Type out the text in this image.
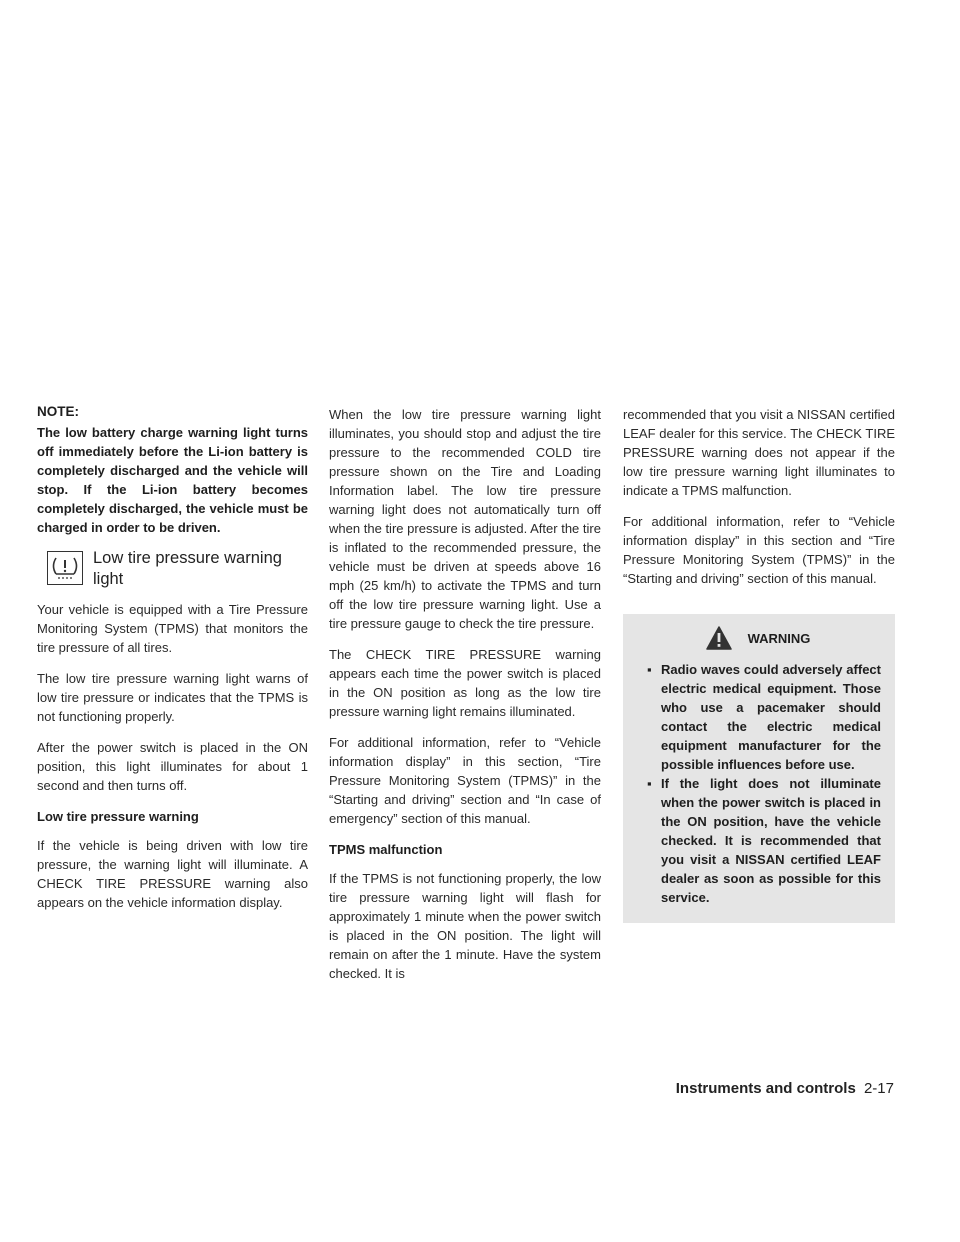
NOTE:
The low battery charge warning light turns off immediately before the Li-ion battery is completely discharged and the vehicle will stop. If the Li-ion battery becomes completely discharged, the vehicle must be charged in order to be driven.
Low tire pressure warning light

Your vehicle is equipped with a Tire Pressure Monitoring System (TPMS) that monitors the tire pressure of all tires.

The low tire pressure warning light warns of low tire pressure or indicates that the TPMS is not functioning properly.

After the power switch is placed in the ON position, this light illuminates for about 1 second and then turns off.

Low tire pressure warning

If the vehicle is being driven with low tire pressure, the warning light will illuminate. A CHECK TIRE PRESSURE warning also appears on the vehicle information display.

When the low tire pressure warning light illuminates, you should stop and adjust the tire pressure to the recommended COLD tire pressure shown on the Tire and Loading Information label. The low tire pressure warning light does not automatically turn off when the tire pressure is adjusted. After the tire is inflated to the recommended pressure, the vehicle must be driven at speeds above 16 mph (25 km/h) to activate the TPMS and turn off the low tire pressure warning light. Use a tire pressure gauge to check the tire pressure.

The CHECK TIRE PRESSURE warning appears each time the power switch is placed in the ON position as long as the low tire pressure warning light remains illuminated.

For additional information, refer to “Vehicle information display” in this section, “Tire Pressure Monitoring System (TPMS)” in the “Starting and driving” section and “In case of emergency” section of this manual.

TPMS malfunction

If the TPMS is not functioning properly, the low tire pressure warning light will flash for approximately 1 minute when the power switch is placed in the ON position. The light will remain on after the 1 minute. Have the system checked. It is

recommended that you visit a NISSAN certified LEAF dealer for this service. The CHECK TIRE PRESSURE warning does not appear if the low tire pressure warning light illuminates to indicate a TPMS malfunction.

For additional information, refer to “Vehicle information display” in this section and “Tire Pressure Monitoring System (TPMS)” in the “Starting and driving” section of this manual.

WARNING
▪ Radio waves could adversely affect electric medical equipment. Those who use a pacemaker should contact the electric medical equipment manufacturer for the possible influences before use.
▪ If the light does not illuminate when the power switch is placed in the ON position, have the vehicle checked. It is recommended that you visit a NISSAN certified LEAF dealer as soon as possible for this service.
Instruments and controls 2-17
